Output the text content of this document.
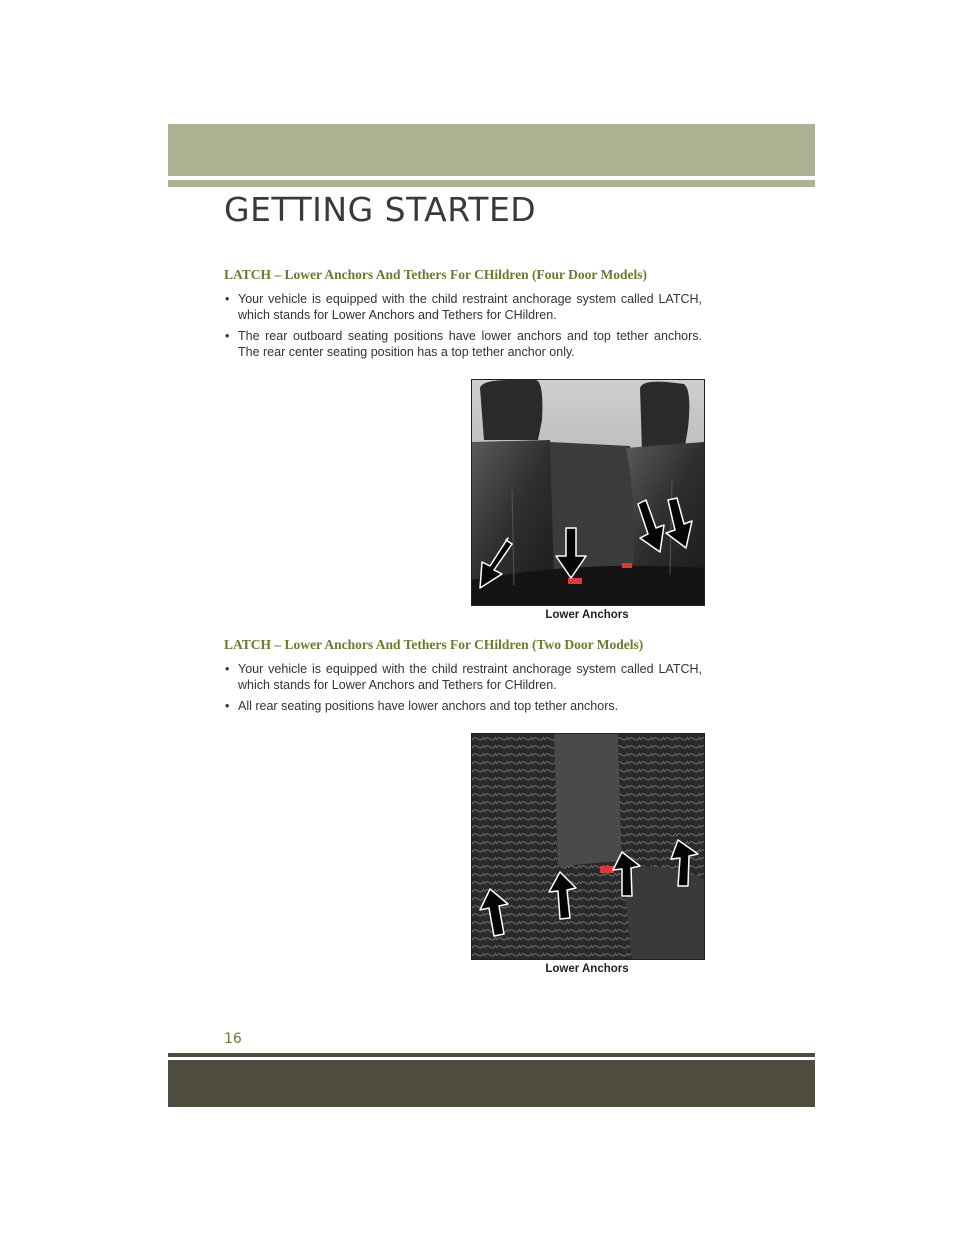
GETTING STARTED
LATCH – Lower Anchors And Tethers For CHildren (Four Door Models)
• Your vehicle is equipped with the child restraint anchorage system called LATCH, which stands for Lower Anchors and Tethers for CHildren.
• The rear outboard seating positions have lower anchors and top tether anchors. The rear center seating position has a top tether anchor only.
Lower Anchors
LATCH – Lower Anchors And Tethers For CHildren (Two Door Models)
• Your vehicle is equipped with the child restraint anchorage system called LATCH, which stands for Lower Anchors and Tethers for CHildren.
• All rear seating positions have lower anchors and top tether anchors.
Lower Anchors
16
